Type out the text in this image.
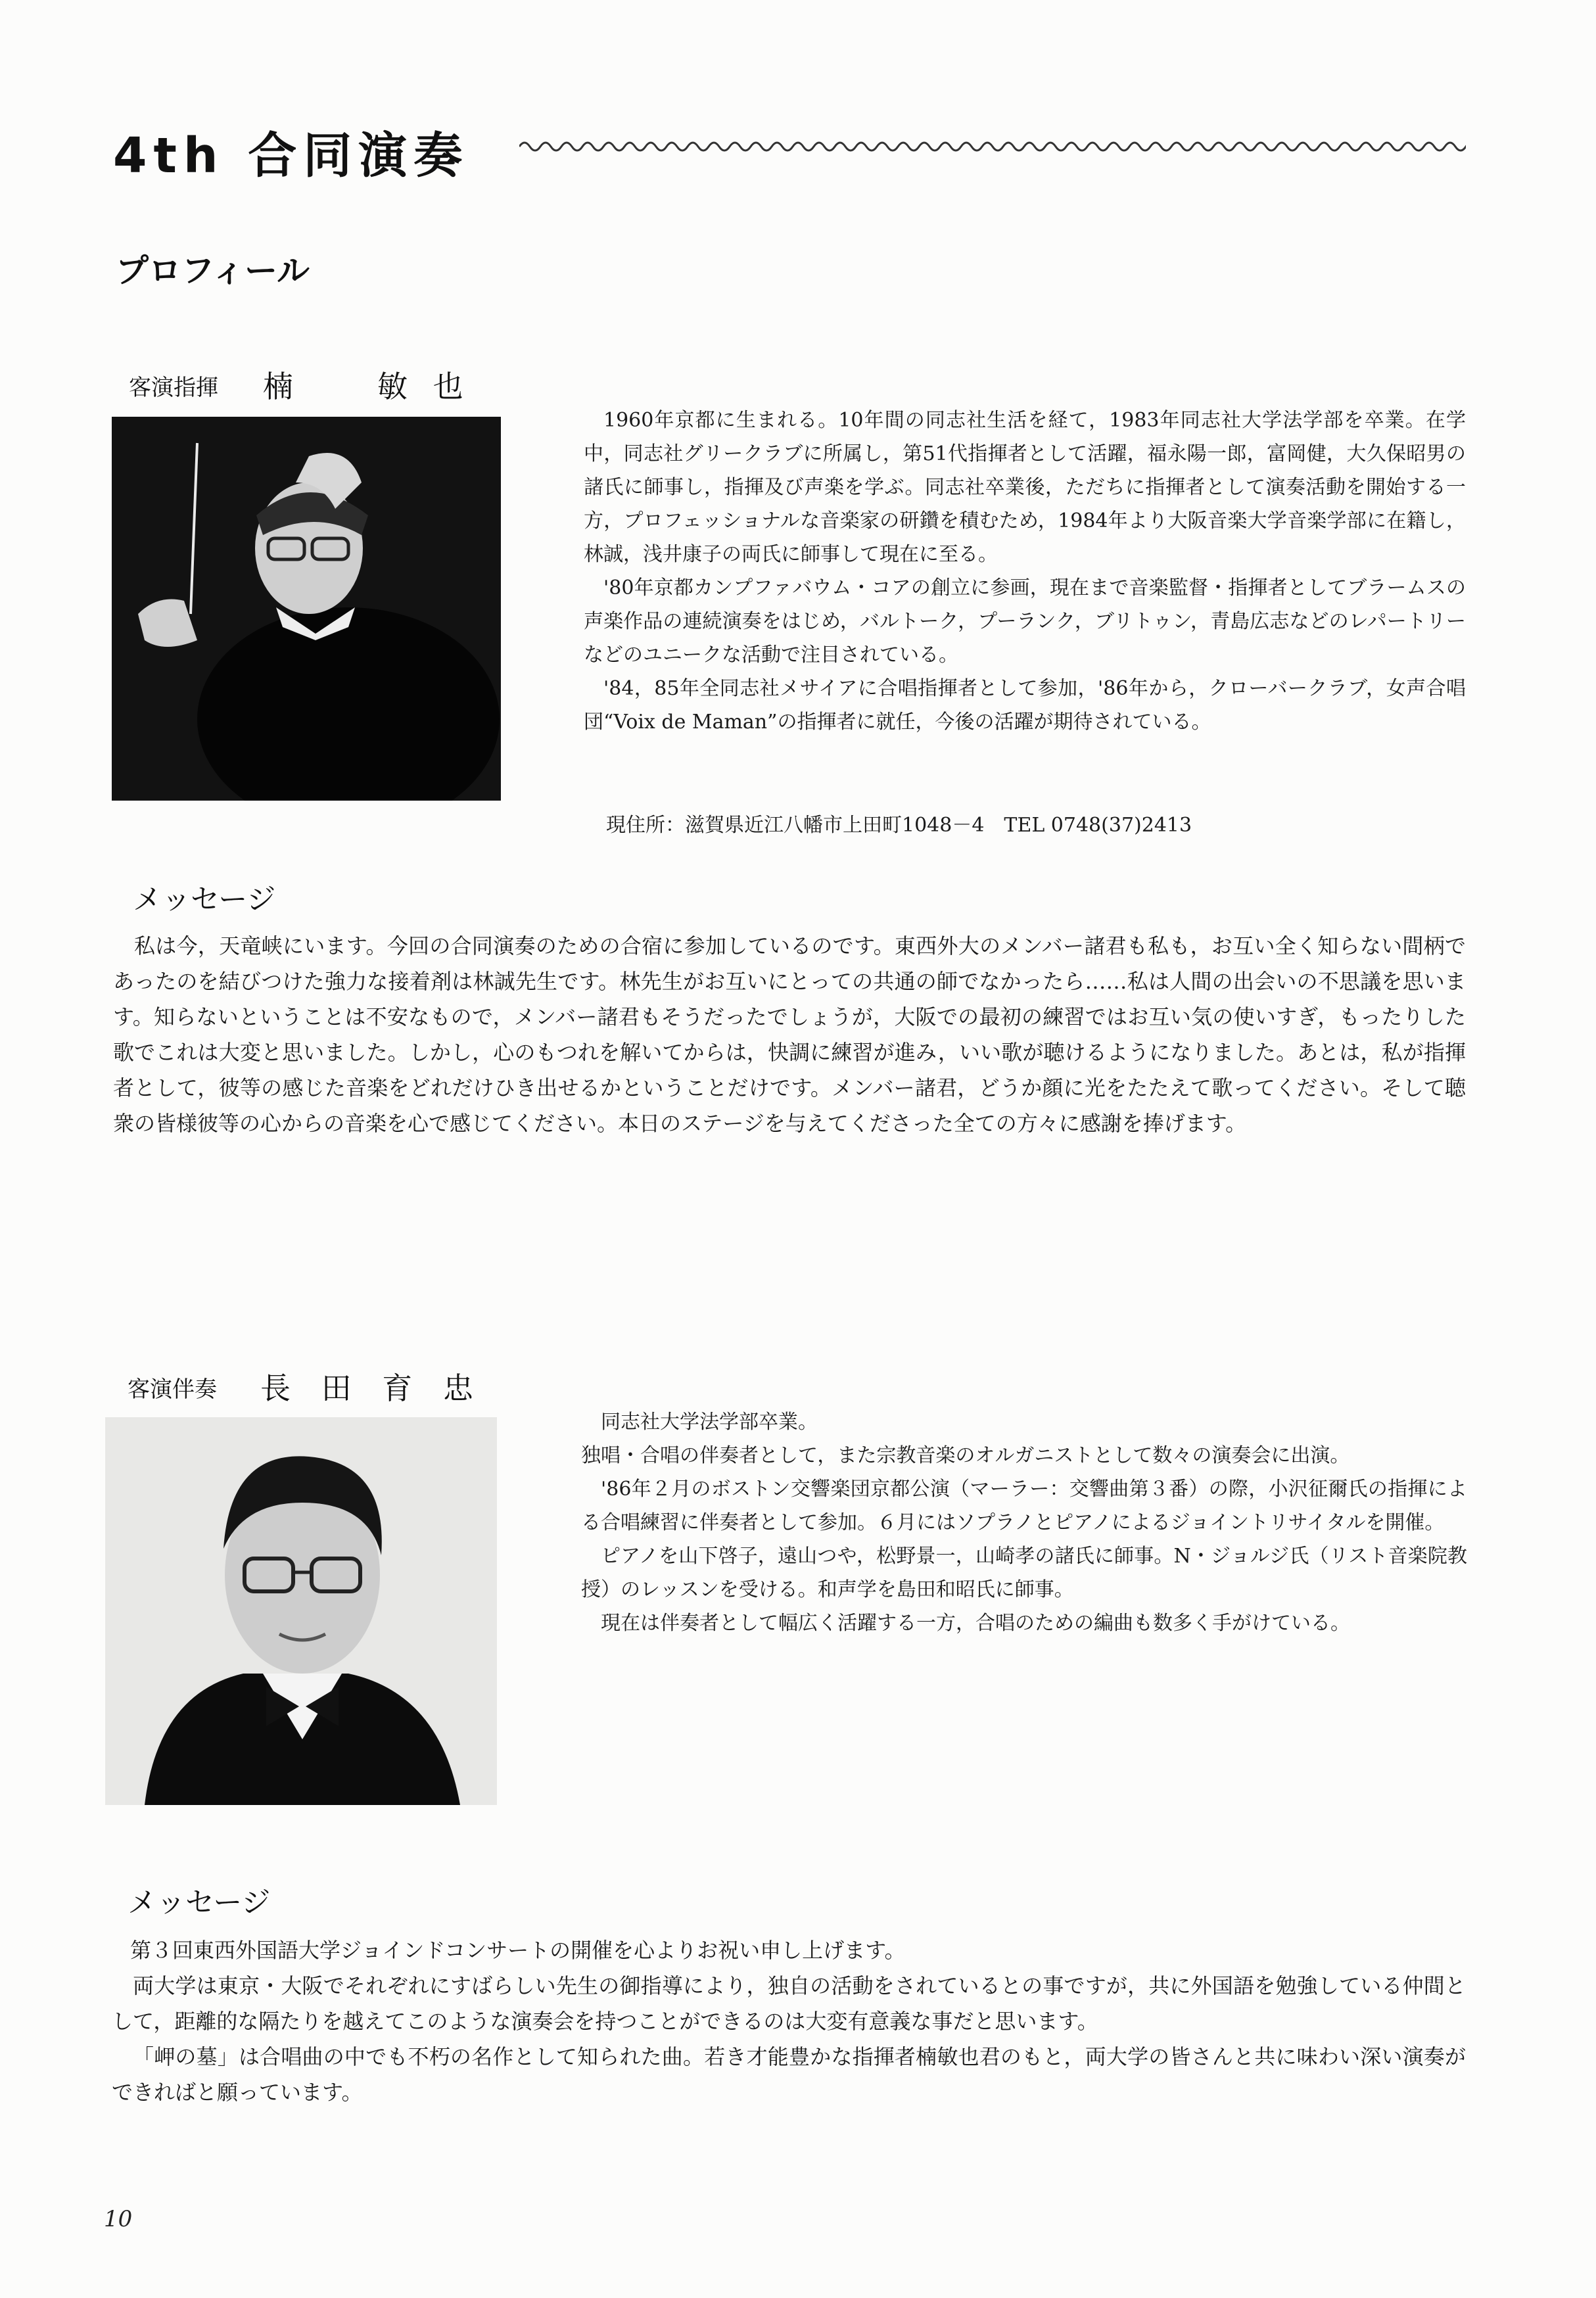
4th 合同演奏
プロフィール
客演指揮 楠　　敏 也

1960年京都に生まれる。10年間の同志社生活を経て，1983年同志社大学法学部を卒業。在学中，同志社グリークラブに所属し，第51代指揮者として活躍，福永陽一郎，富岡健，大久保昭男の諸氏に師事し，指揮及び声楽を学ぶ。同志社卒業後，ただちに指揮者として演奏活動を開始する一方，プロフェッショナルな音楽家の研鑽を積むため，1984年より大阪音楽大学音楽学部に在籍し，林誠，浅井康子の両氏に師事して現在に至る。

'80年京都カンプファバウム・コアの創立に参画，現在まで音楽監督・指揮者としてブラームスの声楽作品の連続演奏をはじめ，バルトーク，プーランク，ブリトゥン，青島広志などのレパートリーなどのユニークな活動で注目されている。

'84，85年全同志社メサイアに合唱指揮者として参加，'86年から，クローバークラブ，女声合唱団“Voix de Maman”の指揮者に就任，今後の活躍が期待されている。

現住所：滋賀県近江八幡市上田町1048－4　TEL 0748(37)2413
メッセージ

私は今，天竜峡にいます。今回の合同演奏のための合宿に参加しているのです。東西外大のメンバー諸君も私も，お互い全く知らない間柄であったのを結びつけた強力な接着剤は林誠先生です。林先生がお互いにとっての共通の師でなかったら……私は人間の出会いの不思議を思います。知らないということは不安なもので，メンバー諸君もそうだったでしょうが，大阪での最初の練習ではお互い気の使いすぎ，もったりした歌でこれは大変と思いました。しかし，心のもつれを解いてからは，快調に練習が進み，いい歌が聴けるようになりました。あとは，私が指揮者として，彼等の感じた音楽をどれだけひき出せるかということだけです。メンバー諸君，どうか顔に光をたたえて歌ってください。そして聴衆の皆様彼等の心からの音楽を心で感じてください。本日のステージを与えてくださった全ての方々に感謝を捧げます。

客演伴奏 長 田 育 忠

同志社大学法学部卒業。

独唱・合唱の伴奏者として，また宗教音楽のオルガニストとして数々の演奏会に出演。

'86年２月のボストン交響楽団京都公演（マーラー：交響曲第３番）の際，小沢征爾氏の指揮による合唱練習に伴奏者として参加。６月にはソプラノとピアノによるジョイントリサイタルを開催。

ピアノを山下啓子，遠山つや，松野景一，山崎孝の諸氏に師事。N・ジョルジ氏（リスト音楽院教授）のレッスンを受ける。和声学を島田和昭氏に師事。

現在は伴奏者として幅広く活躍する一方，合唱のための編曲も数多く手がけている。

メッセージ

第３回東西外国語大学ジョインドコンサートの開催を心よりお祝い申し上げます。

両大学は東京・大阪でそれぞれにすばらしい先生の御指導により，独自の活動をされているとの事ですが，共に外国語を勉強している仲間として，距離的な隔たりを越えてこのような演奏会を持つことができるのは大変有意義な事だと思います。

「岬の墓」は合唱曲の中でも不朽の名作として知られた曲。若き才能豊かな指揮者楠敏也君のもと，両大学の皆さんと共に味わい深い演奏ができればと願っています。

10
